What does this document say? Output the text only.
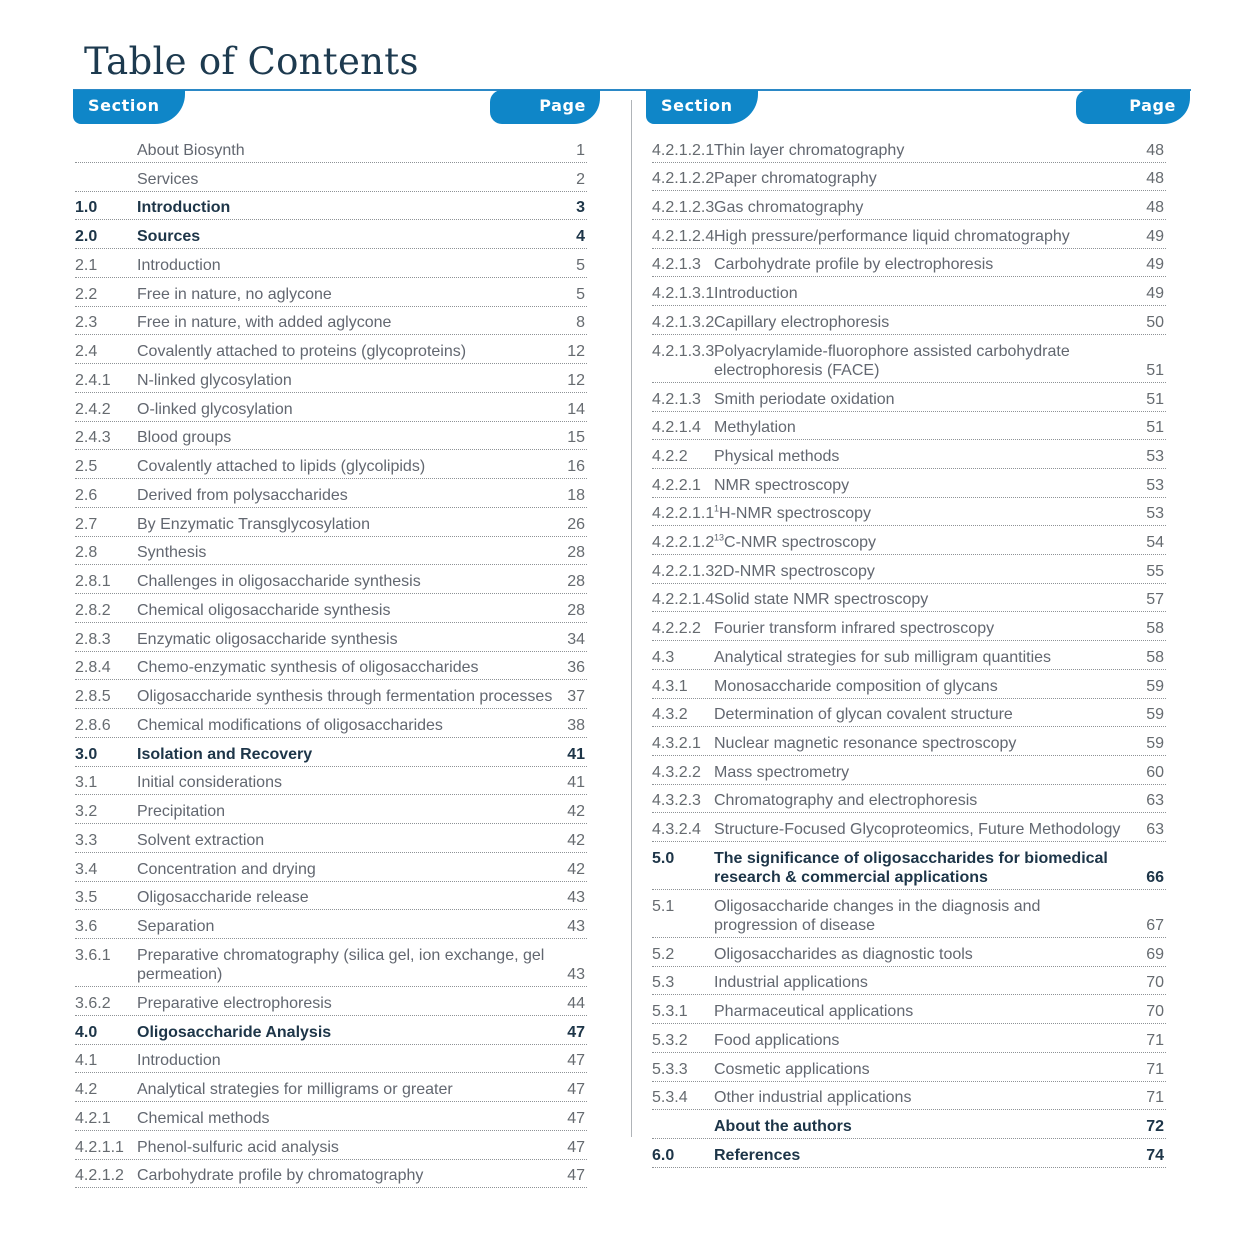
Table of Contents
Section	Page	Section	Page
About Biosynth	1
Services	2
1.0 Introduction	3
2.0 Sources	4
2.1 Introduction	5
2.2 Free in nature, no aglycone	5
2.3 Free in nature, with added aglycone	8
2.4 Covalently attached to proteins (glycoproteins)	12
2.4.1 N-linked glycosylation	12
2.4.2 O-linked glycosylation	14
2.4.3 Blood groups	15
2.5 Covalently attached to lipids (glycolipids)	16
2.6 Derived from polysaccharides	18
2.7 By Enzymatic Transglycosylation	26
2.8 Synthesis	28
2.8.1 Challenges in oligosaccharide synthesis	28
2.8.2 Chemical oligosaccharide synthesis	28
2.8.3 Enzymatic oligosaccharide synthesis	34
2.8.4 Chemo-enzymatic synthesis of oligosaccharides	36
2.8.5 Oligosaccharide synthesis through fermentation processes 37
2.8.6 Chemical modifications of oligosaccharides	38
3.0 Isolation and Recovery	41
3.1 Initial considerations	41
3.2 Precipitation	42
3.3 Solvent extraction	42
3.4 Concentration and drying	42
3.5 Oligosaccharide release	43
3.6 Separation	43
3.6.1 Preparative chromatography (silica gel, ion exchange, gel permeation)	43
3.6.2 Preparative electrophoresis	44
4.0 Oligosaccharide Analysis	47
4.1 Introduction	47
4.2 Analytical strategies for milligrams or greater	47
4.2.1 Chemical methods	47
4.2.1.1 Phenol-sulfuric acid analysis	47
4.2.1.2 Carbohydrate profile by chromatography	47
4.2.1.2.1 Thin layer chromatography	48
4.2.1.2.2 Paper chromatography	48
4.2.1.2.3 Gas chromatography	48
4.2.1.2.4 High pressure/performance liquid chromatography	49
4.2.1.3 Carbohydrate profile by electrophoresis	49
4.2.1.3.1 Introduction	49
4.2.1.3.2 Capillary electrophoresis	50
4.2.1.3.3 Polyacrylamide-fluorophore assisted carbohydrate electrophoresis (FACE)	51
4.2.1.3 Smith periodate oxidation	51
4.2.1.4 Methylation	51
4.2.2 Physical methods	53
4.2.2.1 NMR spectroscopy	53
4.2.2.1.1 $^1$H-NMR spectroscopy	53
4.2.2.1.2 $^{13}$C-NMR spectroscopy	54
4.2.2.1.3 2D-NMR spectroscopy	55
4.2.2.1.4 Solid state NMR spectroscopy	57
4.2.2.2 Fourier transform infrared spectroscopy	58
4.3 Analytical strategies for sub milligram quantities	58
4.3.1 Monosaccharide composition of glycans	59
4.3.2 Determination of glycan covalent structure	59
4.3.2.1 Nuclear magnetic resonance spectroscopy	59
4.3.2.2 Mass spectrometry	60
4.3.2.3 Chromatography and electrophoresis	63
4.3.2.4 Structure-Focused Glycoproteomics, Future Methodology 63
5.0 The significance of oligosaccharides for biomedical research & commercial applications	66
5.1 Oligosaccharide changes in the diagnosis and progression of disease	67
5.2 Oligosaccharides as diagnostic tools	69
5.3 Industrial applications	70
5.3.1 Pharmaceutical applications	70
5.3.2 Food applications	71
5.3.3 Cosmetic applications	71
5.3.4 Other industrial applications	71
About the authors	72
6.0 References	74
